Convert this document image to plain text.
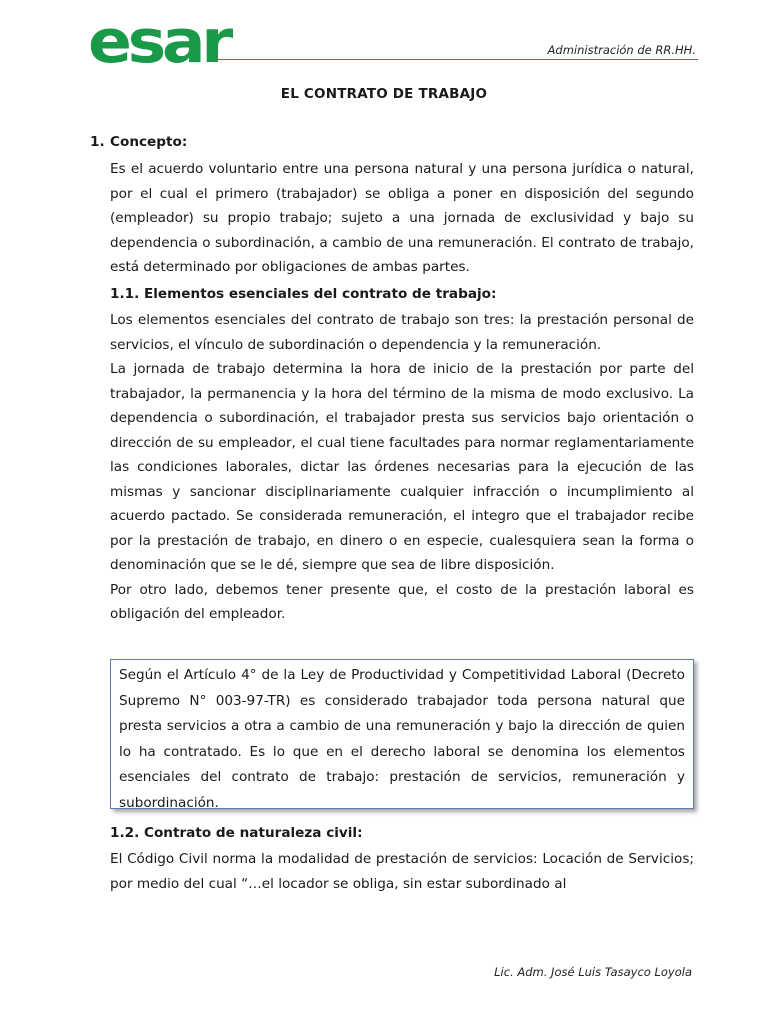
esar	Administración de RR.HH.
EL CONTRATO DE TRABAJO
1. Concepto:

Es el acuerdo voluntario entre una persona natural y una persona jurídica o natural, por el cual el primero (trabajador) se obliga a poner en disposición del segundo (empleador) su propio trabajo; sujeto a una jornada de exclusividad y bajo su dependencia o subordinación, a cambio de una remuneración. El contrato de trabajo, está determinado por obligaciones de ambas partes.

1.1. Elementos esenciales del contrato de trabajo:

Los elementos esenciales del contrato de trabajo son tres: la prestación personal de servicios, el vínculo de subordinación o dependencia y la remuneración.

La jornada de trabajo determina la hora de inicio de la prestación por parte del trabajador, la permanencia y la hora del término de la misma de modo exclusivo. La dependencia o subordinación, el trabajador presta sus servicios bajo orientación o dirección de su empleador, el cual tiene facultades para normar reglamentariamente las condiciones laborales, dictar las órdenes necesarias para la ejecución de las mismas y sancionar disciplinariamente cualquier infracción o incumplimiento al acuerdo pactado. Se considerada remuneración, el integro que el trabajador recibe por la prestación de trabajo, en dinero o en especie, cualesquiera sean la forma o denominación que se le dé, siempre que sea de libre disposición.

Por otro lado, debemos tener presente que, el costo de la prestación laboral es obligación del empleador.

Según el Artículo 4° de la Ley de Productividad y Competitividad Laboral (Decreto Supremo N° 003-97-TR) es considerado trabajador toda persona natural que presta servicios a otra a cambio de una remuneración y bajo la dirección de quien lo ha contratado. Es lo que en el derecho laboral se denomina los elementos esenciales del contrato de trabajo: prestación de servicios, remuneración y subordinación.

1.2. Contrato de naturaleza civil:

El Código Civil norma la modalidad de prestación de servicios: Locación de Servicios; por medio del cual “…el locador se obliga, sin estar subordinado al

Lic. Adm. José Luis Tasayco Loyola
